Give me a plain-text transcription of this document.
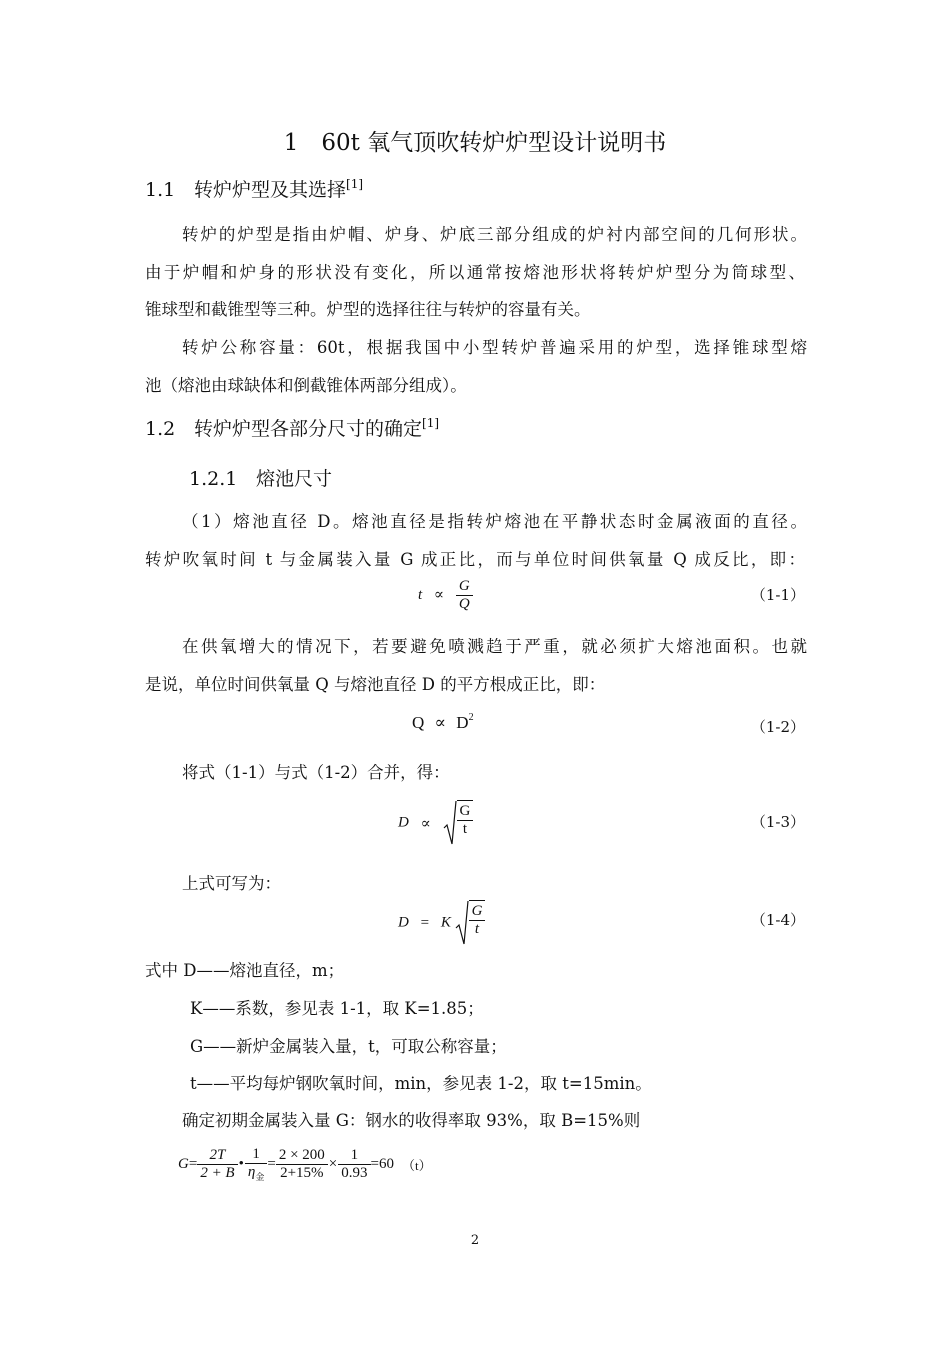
1　60t 氧气顶吹转炉炉型设计说明书
1.1 转炉炉型及其选择[1]
转炉的炉型是指由炉帽、炉身、炉底三部分组成的炉衬内部空间的几何形状。
由于炉帽和炉身的形状没有变化，所以通常按熔池形状将转炉炉型分为筒球型、
锥球型和截锥型等三种。炉型的选择往往与转炉的容量有关。
转炉公称容量：60t，根据我国中小型转炉普遍采用的炉型，选择锥球型熔
池（熔池由球缺体和倒截锥体两部分组成）。
1.2 转炉炉型各部分尺寸的确定[1]
1.2.1 熔池尺寸
（1）熔池直径 D。熔池直径是指转炉熔池在平静状态时金属液面的直径。
转炉吹氧时间 t 与金属装入量 G 成正比，而与单位时间供氧量 Q 成反比，即：
$t \propto \frac{G}{Q}$	（1-1）
在供氧增大的情况下，若要避免喷溅趋于严重，就必须扩大熔池面积。也就
是说，单位时间供氧量 Q 与熔池直径 D 的平方根成正比，即：
$Q \propto D^2$
（1-2）
将式（1-1）与式（1-2）合并，得：
$D \propto \frac{G}{t}$	（1-3）
上式可写为：
D = K $\frac{G}{t}$	（1-4）
式中 D——熔池直径，m；
K——系数，参见表 1-1，取 K=1.85；
G——新炉金属装入量，t，可取公称容量；
t——平均每炉钢吹氧时间，min，参见表 1-2，取 t=15min。
确定初期金属装入量 G：钢水的收得率取 93%，取 B=15%则
$G= \frac{2T}{2 + B}$ • $\frac{1}{\eta_金} = \frac{2 \times 200}{2+15\%} \times \frac{1}{0.93} =60$ （t）
2
